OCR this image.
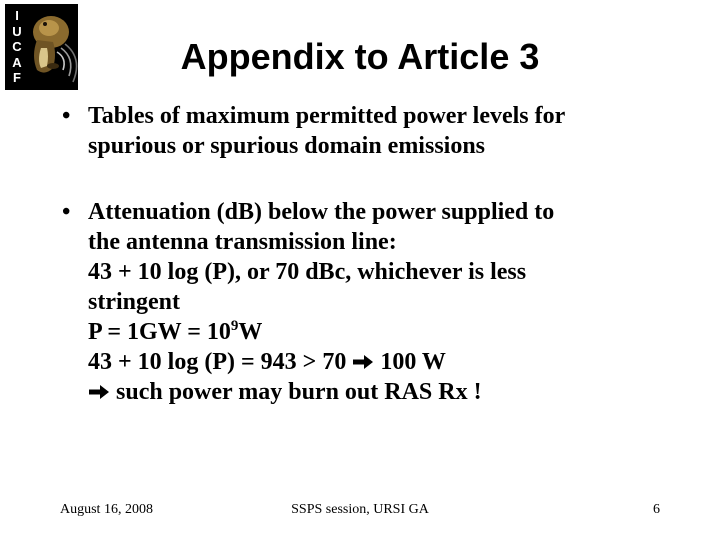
I
U
C
A
F
Appendix to Article 3
• Tables of maximum permitted power levels for
spurious or spurious domain emissions
• Attenuation (dB) below the power supplied to
the antenna transmission line:
43 + 10 log (P), or 70 dBc, whichever is less
stringent
$P = 1GW = 10^9W$
43 + 10 log (P) = 943 > 70 100 W
such power may burn out RAS Rx !
August 16, 2008	SSPS session, URSI GA	6
